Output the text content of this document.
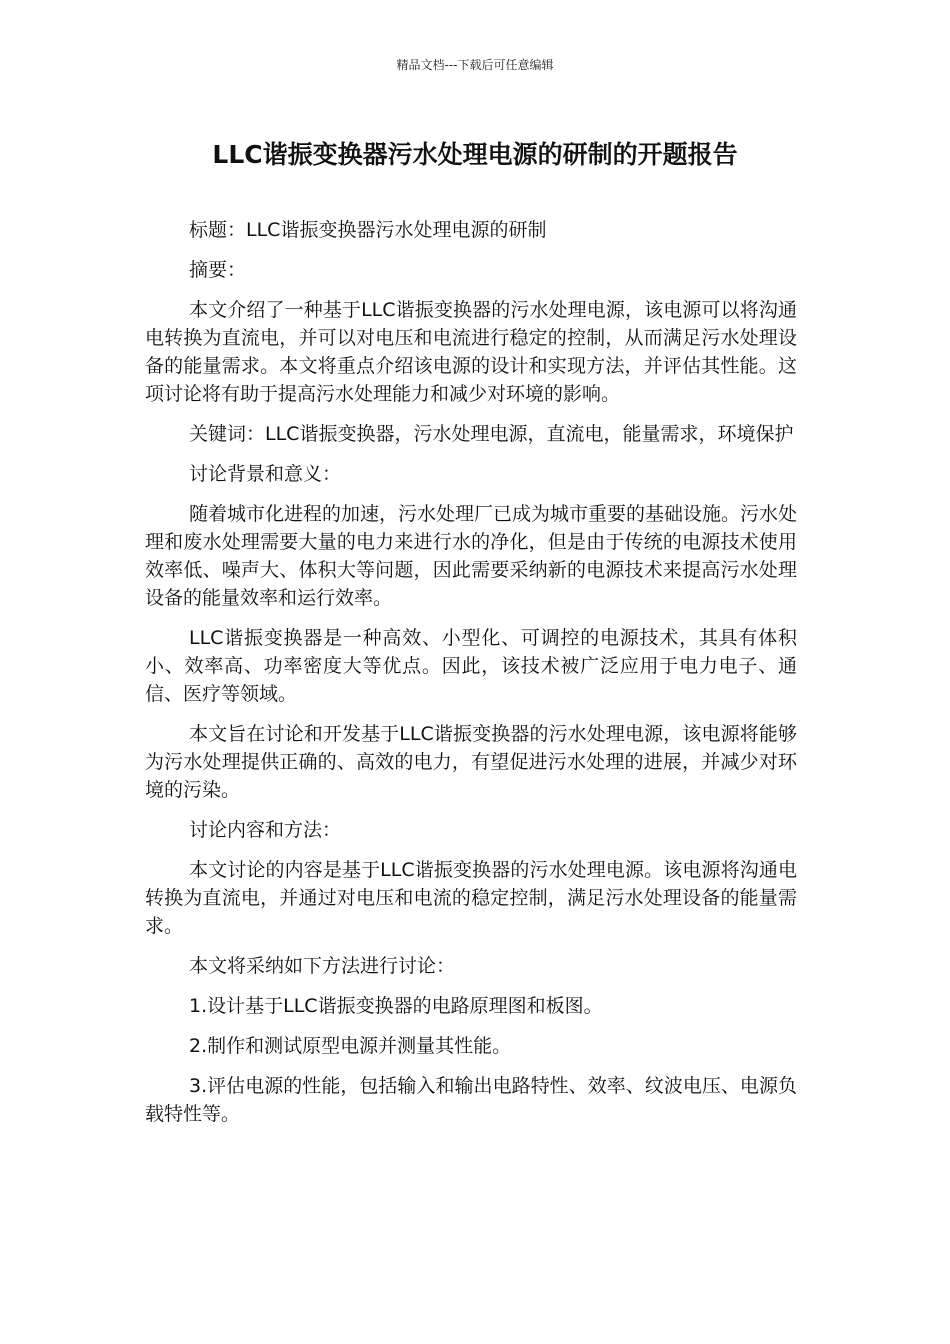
精品文档---下载后可任意编辑
LLC谐振变换器污水处理电源的研制的开题报告

标题：LLC谐振变换器污水处理电源的研制

摘要：

本文介绍了一种基于LLC谐振变换器的污水处理电源，该电源可以将沟通电转换为直流电，并可以对电压和电流进行稳定的控制，从而满足污水处理设备的能量需求。本文将重点介绍该电源的设计和实现方法，并评估其性能。这项讨论将有助于提高污水处理能力和减少对环境的影响。

关键词：LLC谐振变换器，污水处理电源，直流电，能量需求，环境保护

讨论背景和意义：

随着城市化进程的加速，污水处理厂已成为城市重要的基础设施。污水处理和废水处理需要大量的电力来进行水的净化，但是由于传统的电源技术使用效率低、噪声大、体积大等问题，因此需要采纳新的电源技术来提高污水处理设备的能量效率和运行效率。

LLC谐振变换器是一种高效、小型化、可调控的电源技术，其具有体积小、效率高、功率密度大等优点。因此，该技术被广泛应用于电力电子、通信、医疗等领域。

本文旨在讨论和开发基于LLC谐振变换器的污水处理电源，该电源将能够为污水处理提供正确的、高效的电力，有望促进污水处理的进展，并减少对环境的污染。

讨论内容和方法：

本文讨论的内容是基于LLC谐振变换器的污水处理电源。该电源将沟通电转换为直流电，并通过对电压和电流的稳定控制，满足污水处理设备的能量需求。

本文将采纳如下方法进行讨论：

1.设计基于LLC谐振变换器的电路原理图和板图。

2.制作和测试原型电源并测量其性能。

3.评估电源的性能，包括输入和输出电路特性、效率、纹波电压、电源负载特性等。
